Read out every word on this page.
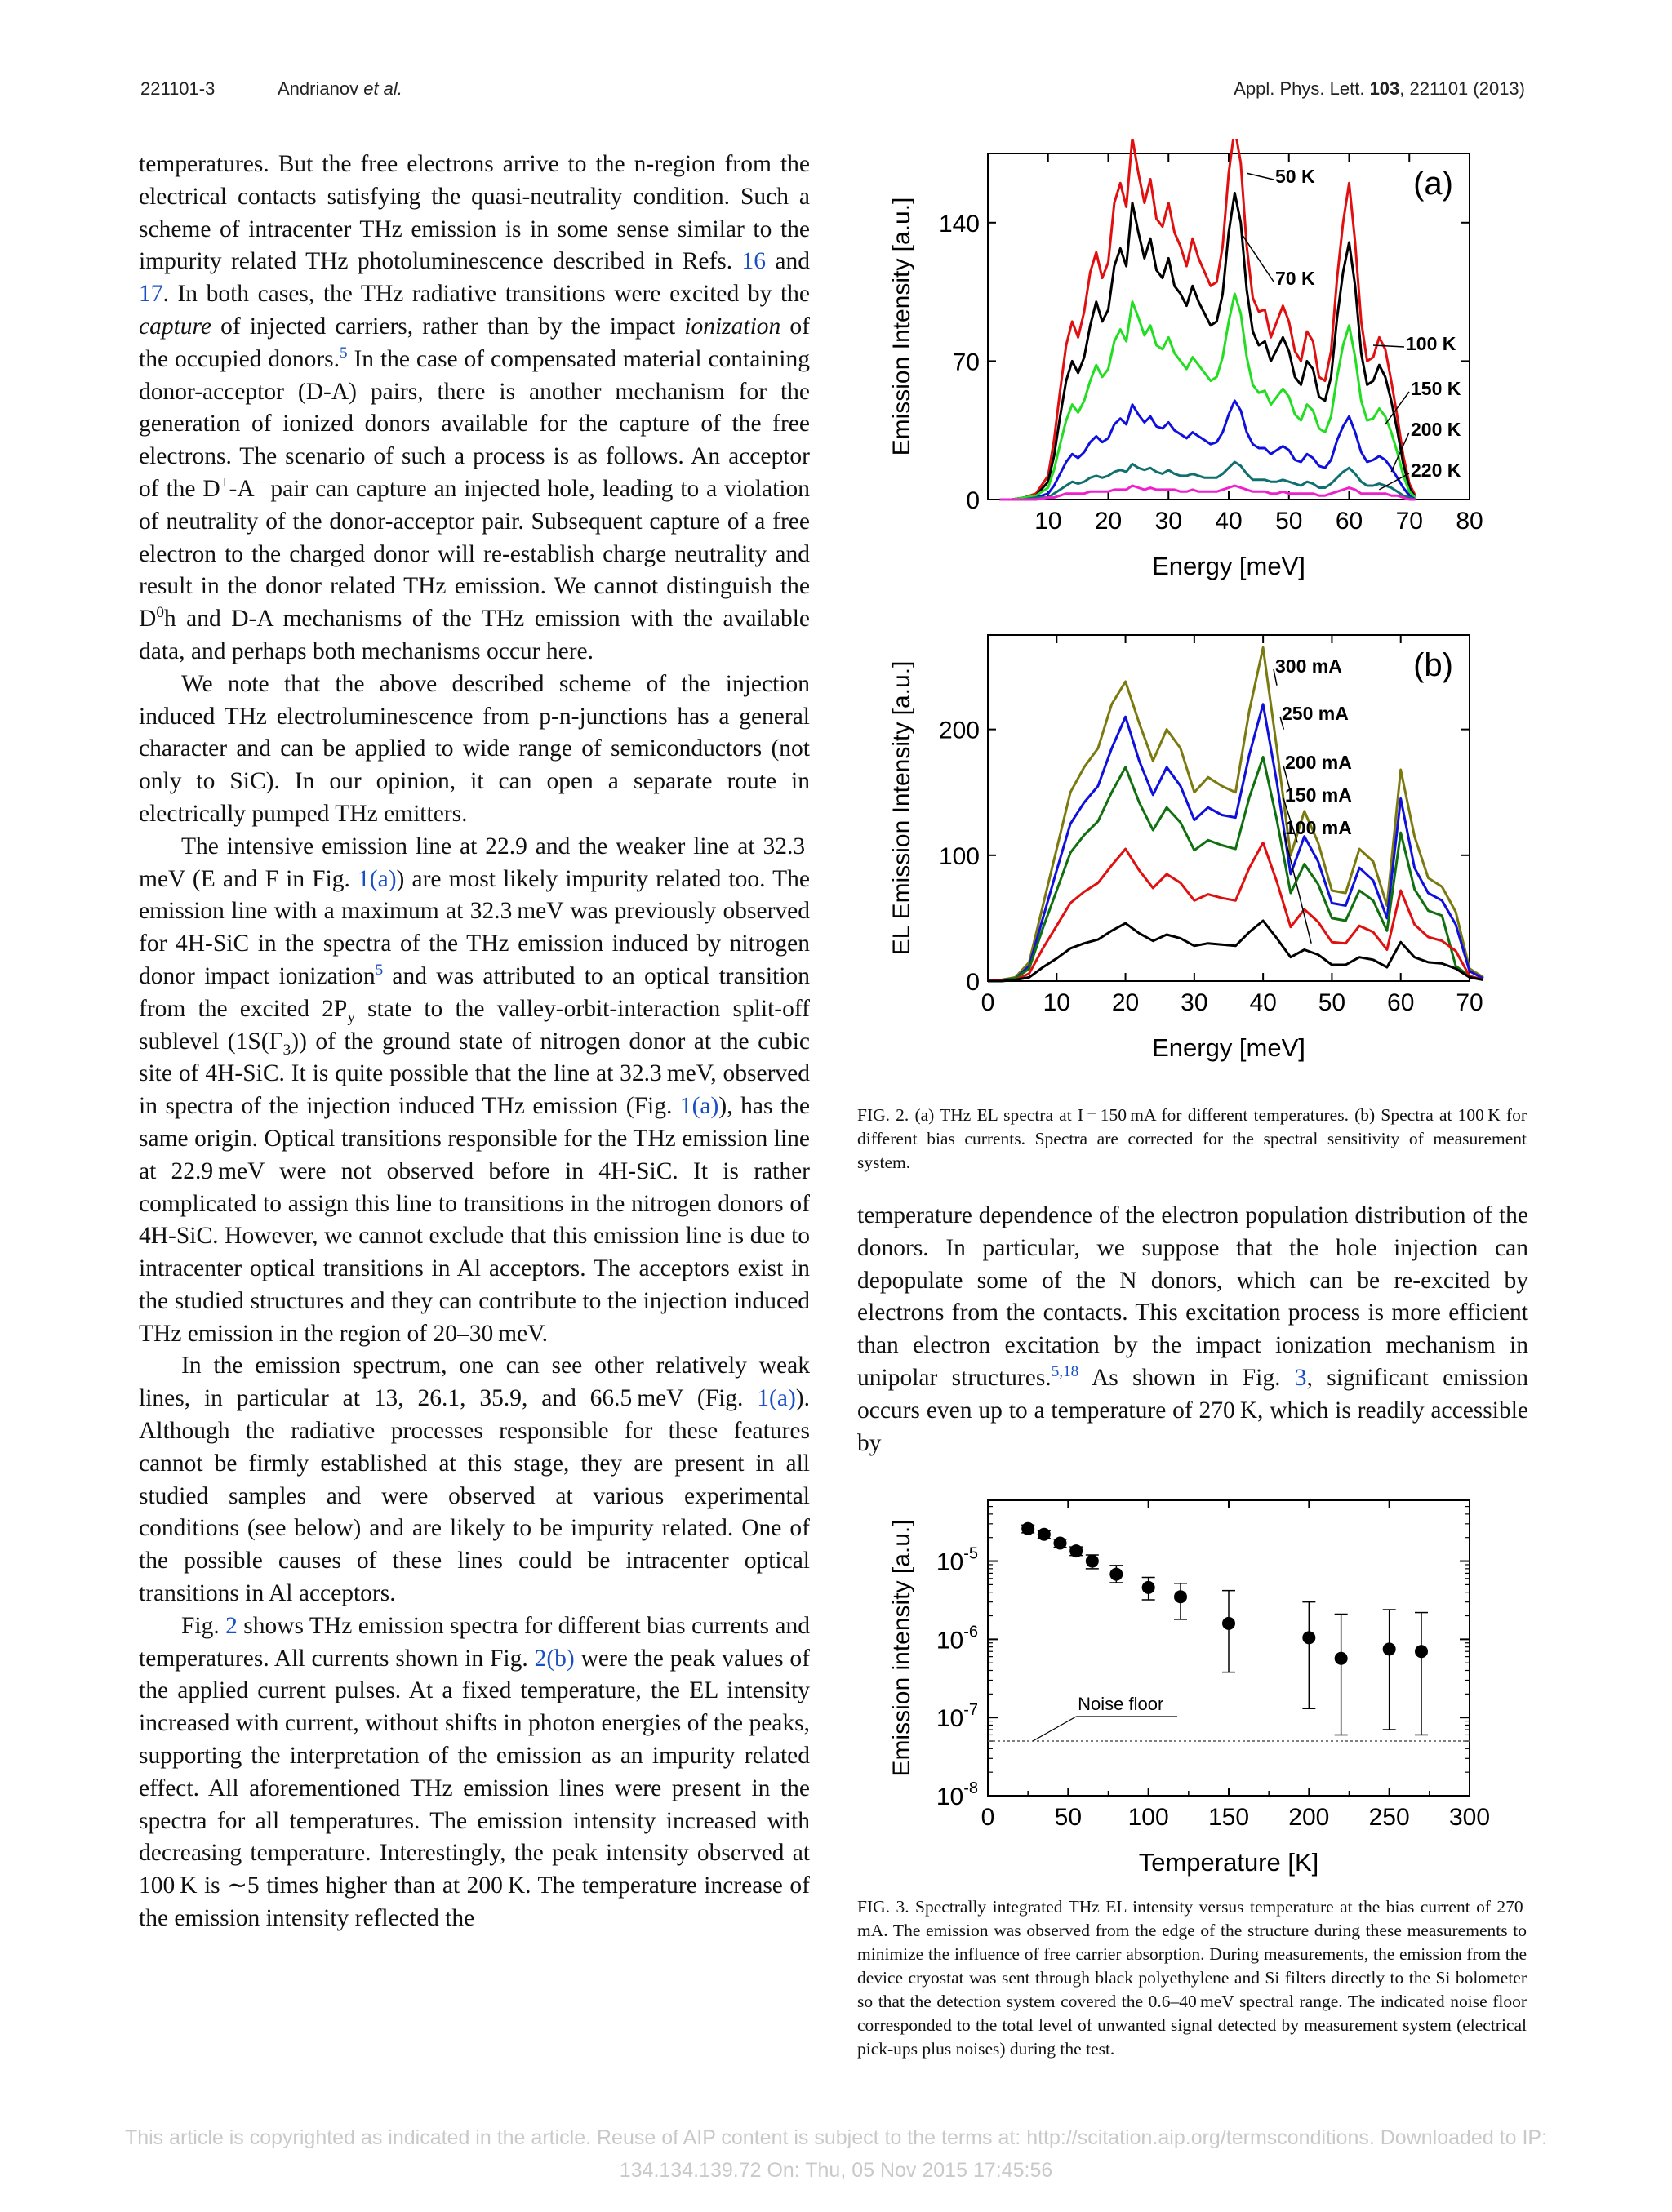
221101-3	Andrianov et al.	Appl. Phys. Lett. 103, 221101 (2013)

temperatures. But the free electrons arrive to the n-region from the electrical contacts satisfying the quasi-neutrality condition. Such a scheme of intracenter THz emission is in some sense similar to the impurity related THz photoluminescence described in Refs. 16 and 17. In both cases, the THz radiative transitions were excited by the capture of injected carriers, rather than by the impact ionization of the occupied donors.$^5$ In the case of compensated material containing donor-acceptor (D-A) pairs, there is another mechanism for the generation of ionized donors available for the capture of the free electrons. The scenario of such a process is as follows. An acceptor of the D+-A− pair can capture an injected hole, leading to a violation of neutrality of the donor-acceptor pair. Subsequent capture of a free electron to the charged donor will re-establish charge neutrality and result in the donor related THz emission. We cannot distinguish the $D^0h$ and D-A mechanisms of the THz emission with the available data, and perhaps both mechanisms occur here.

We note that the above described scheme of the injection induced THz electroluminescence from p-n-junctions has a general character and can be applied to wide range of semiconductors (not only to SiC). In our opinion, it can open a separate route in electrically pumped THz emitters.

The intensive emission line at 22.9 and the weaker line at 32.3 meV (E and F in Fig. 1(a)) are most likely impurity related too. The emission line with a maximum at 32.3 meV was previously observed for 4H-SiC in the spectra of the THz emission induced by nitrogen donor impact ionization$^5$ and was attributed to an optical transition from the excited $2P_y$ state to the valley-orbit-interaction split-off sublevel $(1S(\Gamma_3))$ of the ground state of nitrogen donor at the cubic site of 4H-SiC. It is quite possible that the line at 32.3 meV, observed in spectra of the injection induced THz emission (Fig. 1(a)), has the same origin. Optical transitions responsible for the THz emission line at 22.9 meV were not observed before in 4H-SiC. It is rather complicated to assign this line to transitions in the nitrogen donors of 4H-SiC. However, we cannot exclude that this emission line is due to intracenter optical transitions in Al acceptors. The acceptors exist in the studied structures and they can contribute to the injection induced THz emission in the region of 20–30 meV.

In the emission spectrum, one can see other relatively weak lines, in particular at 13, 26.1, 35.9, and 66.5 meV (Fig. 1(a)). Although the radiative processes responsible for these features cannot be firmly established at this stage, they are present in all studied samples and were observed at various experimental conditions (see below) and are likely to be impurity related. One of the possible causes of these lines could be intracenter optical transitions in Al acceptors.

Fig. 2 shows THz emission spectra for different bias currents and temperatures. All currents shown in Fig. 2(b) were the peak values of the applied current pulses. At a fixed temperature, the EL intensity increased with current, without shifts in photon energies of the peaks, supporting the interpretation of the emission as an impurity related effect. All aforementioned THz emission lines were present in the spectra for all temperatures. The emission intensity increased with decreasing temperature. Interestingly, the peak intensity observed at 100 K is ∼5 times higher than at 200 K. The temperature increase of the emission intensity reflected the

10 20 30 40 50 60 70 80
0
70
140
Energy [meV]
Emission Intensity [a.u.]
(a)
50 K
70 K
100 K
150 K
200 K
220 K
0 10 20 30 40 50 60 70
0
100
200
Energy [meV]
EL Emission Intensity [a.u.]	(b)
300 mA
250 mA
200 mA
150 mA
100 mA
FIG. 2. (a) THz EL spectra at I = 150 mA for different temperatures. (b) Spectra at 100 K for different bias currents. Spectra are corrected for the spectral sensitivity of measurement system.

temperature dependence of the electron population distribution of the donors. In particular, we suppose that the hole injection can depopulate some of the N donors, which can be re-excited by electrons from the contacts. This excitation process is more efficient than electron excitation by the impact ionization mechanism in unipolar structures.$^{5,18}$ As shown in Fig. 3, significant emission occurs even up to a temperature of 270 K, which is readily accessible by

0 50 100 150 200 250 300
$10^{-8}$
$10^{-7}$
$10^{-6}$
$10^{-5}$
Temperature [K]
Emission intensity [a.u.]	Noise floor
FIG. 3. Spectrally integrated THz EL intensity versus temperature at the bias current of 270 mA. The emission was observed from the edge of the structure during these measurements to minimize the influence of free carrier absorption. During measurements, the emission from the device cryostat was sent through black polyethylene and Si filters directly to the Si bolometer so that the detection system covered the 0.6–40 meV spectral range. The indicated noise floor corresponded to the total level of unwanted signal detected by measurement system (electrical pick-ups plus noises) during the test.
This article is copyrighted as indicated in the article. Reuse of AIP content is subject to the terms at: http://scitation.aip.org/termsconditions. Downloaded to IP:
134.134.139.72 On: Thu, 05 Nov 2015 17:45:56
